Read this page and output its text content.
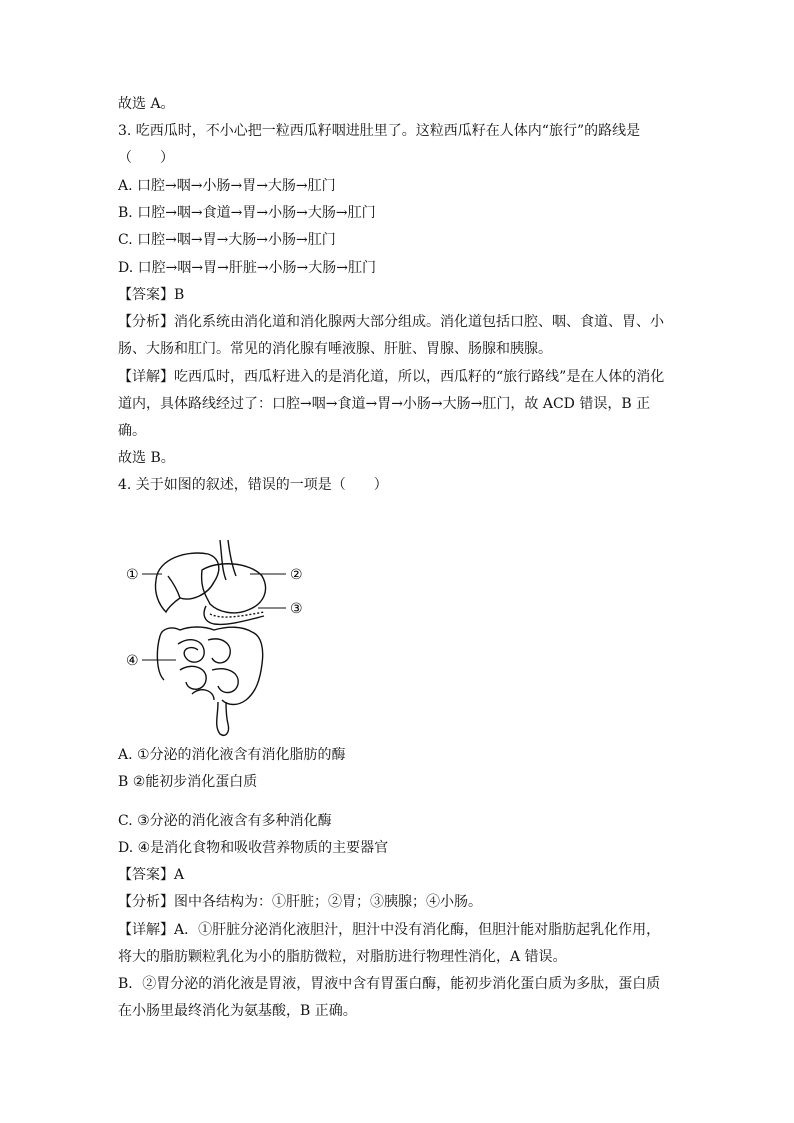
故选 A。
3. 吃西瓜时，不小心把一粒西瓜籽咽进肚里了。这粒西瓜籽在人体内“旅行”的路线是
（　　）
A. 口腔→咽→小肠→胃→大肠→肛门
B. 口腔→咽→食道→胃→小肠→大肠→肛门
C. 口腔→咽→胃→大肠→小肠→肛门
D. 口腔→咽→胃→肝脏→小肠→大肠→肛门
【答案】B
【分析】消化系统由消化道和消化腺两大部分组成。消化道包括口腔、咽、食道、胃、小
肠、大肠和肛门。常见的消化腺有唾液腺、肝脏、胃腺、肠腺和胰腺。
【详解】吃西瓜时，西瓜籽进入的是消化道，所以，西瓜籽的“旅行路线”是在人体的消化
道内，具体路线经过了：口腔→咽→食道→胃→小肠→大肠→肛门，故 ACD 错误，B 正
确。
故选 B。
4. 关于如图的叙述，错误的一项是（　　）
①	②
③
④
A. ①分泌的消化液含有消化脂肪的酶
B ②能初步消化蛋白质
C. ③分泌的消化液含有多种消化酶
D. ④是消化食物和吸收营养物质的主要器官
【答案】A
【分析】图中各结构为：①肝脏；②胃；③胰腺；④小肠。
【详解】A．①肝脏分泌消化液胆汁，胆汁中没有消化酶，但胆汁能对脂肪起乳化作用，
将大的脂肪颗粒乳化为小的脂肪微粒，对脂肪进行物理性消化，A 错误。
B．②胃分泌的消化液是胃液，胃液中含有胃蛋白酶，能初步消化蛋白质为多肽，蛋白质
在小肠里最终消化为氨基酸，B 正确。
